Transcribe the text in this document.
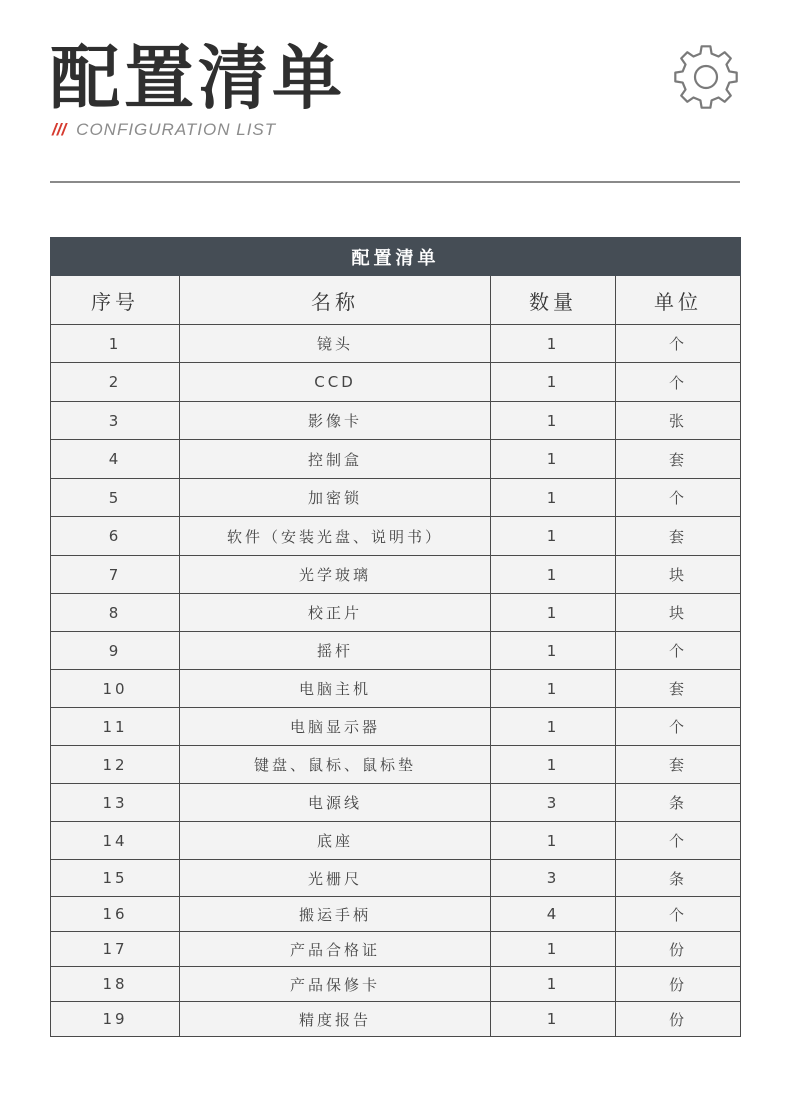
配置清单
/// CONFIGURATION LIST
配置清单			
序号	名称	数量	单位
1	镜头	1	个
2	CCD	1	个
3	影像卡	1	张
4	控制盒	1	套
5	加密锁	1	个
6	软件（安装光盘、说明书）	1	套
7	光学玻璃	1	块
8	校正片	1	块
9	摇杆	1	个
10	电脑主机	1	套
11	电脑显示器	1	个
12	键盘、鼠标、鼠标垫	1	套
13	电源线	3	条
14	底座	1	个
15	光栅尺	3	条
16	搬运手柄	4	个
17	产品合格证	1	份
18	产品保修卡	1	份
19	精度报告	1	份
